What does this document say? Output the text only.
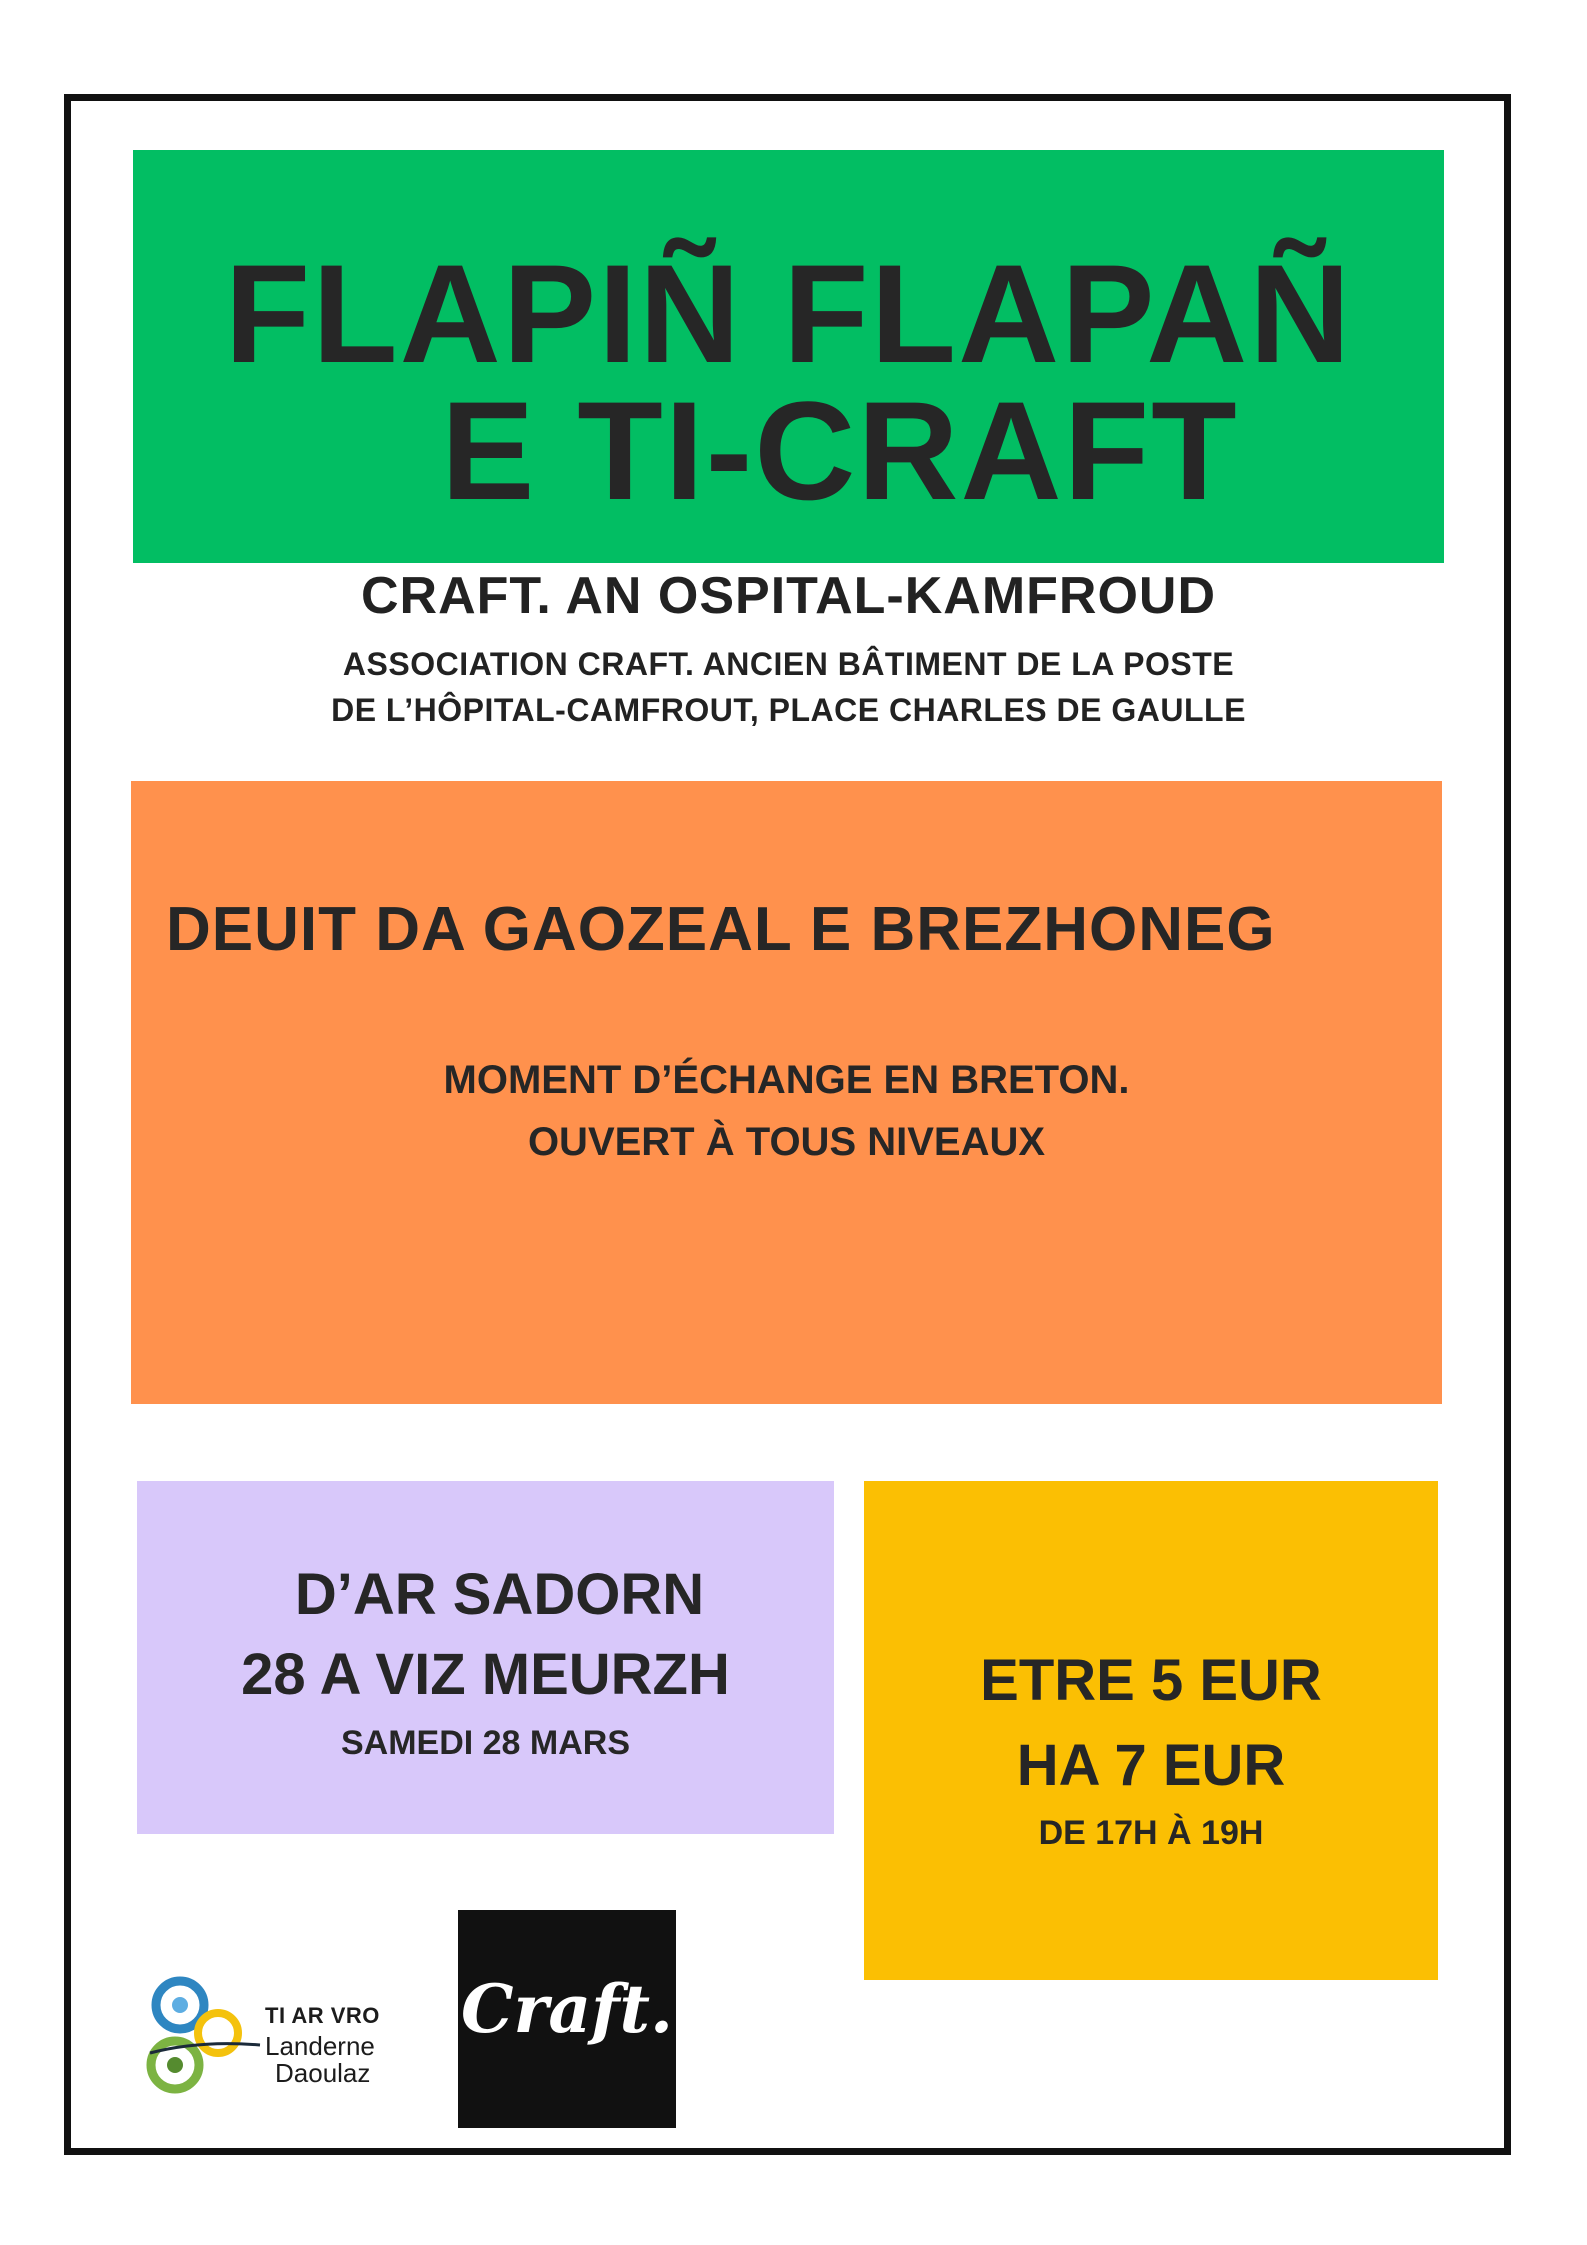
FLAPIÑ FLAPAÑ
E TI-CRAFT
CRAFT. AN OSPITAL-KAMFROUD
ASSOCIATION CRAFT. ANCIEN BÂTIMENT DE LA POSTE
DE L’HÔPITAL-CAMFROUT, PLACE CHARLES DE GAULLE
DEUIT DA GAOZEAL E BREZHONEG
MOMENT D’ÉCHANGE EN BRETON.
OUVERT À TOUS NIVEAUX
D’AR SADORN
28 A VIZ MEURZH
SAMEDI 28 MARS
ETRE 5 EUR
HA 7 EUR
DE 17H À 19H
TI AR VRO
Landerne
Daoulaz
Craft.
